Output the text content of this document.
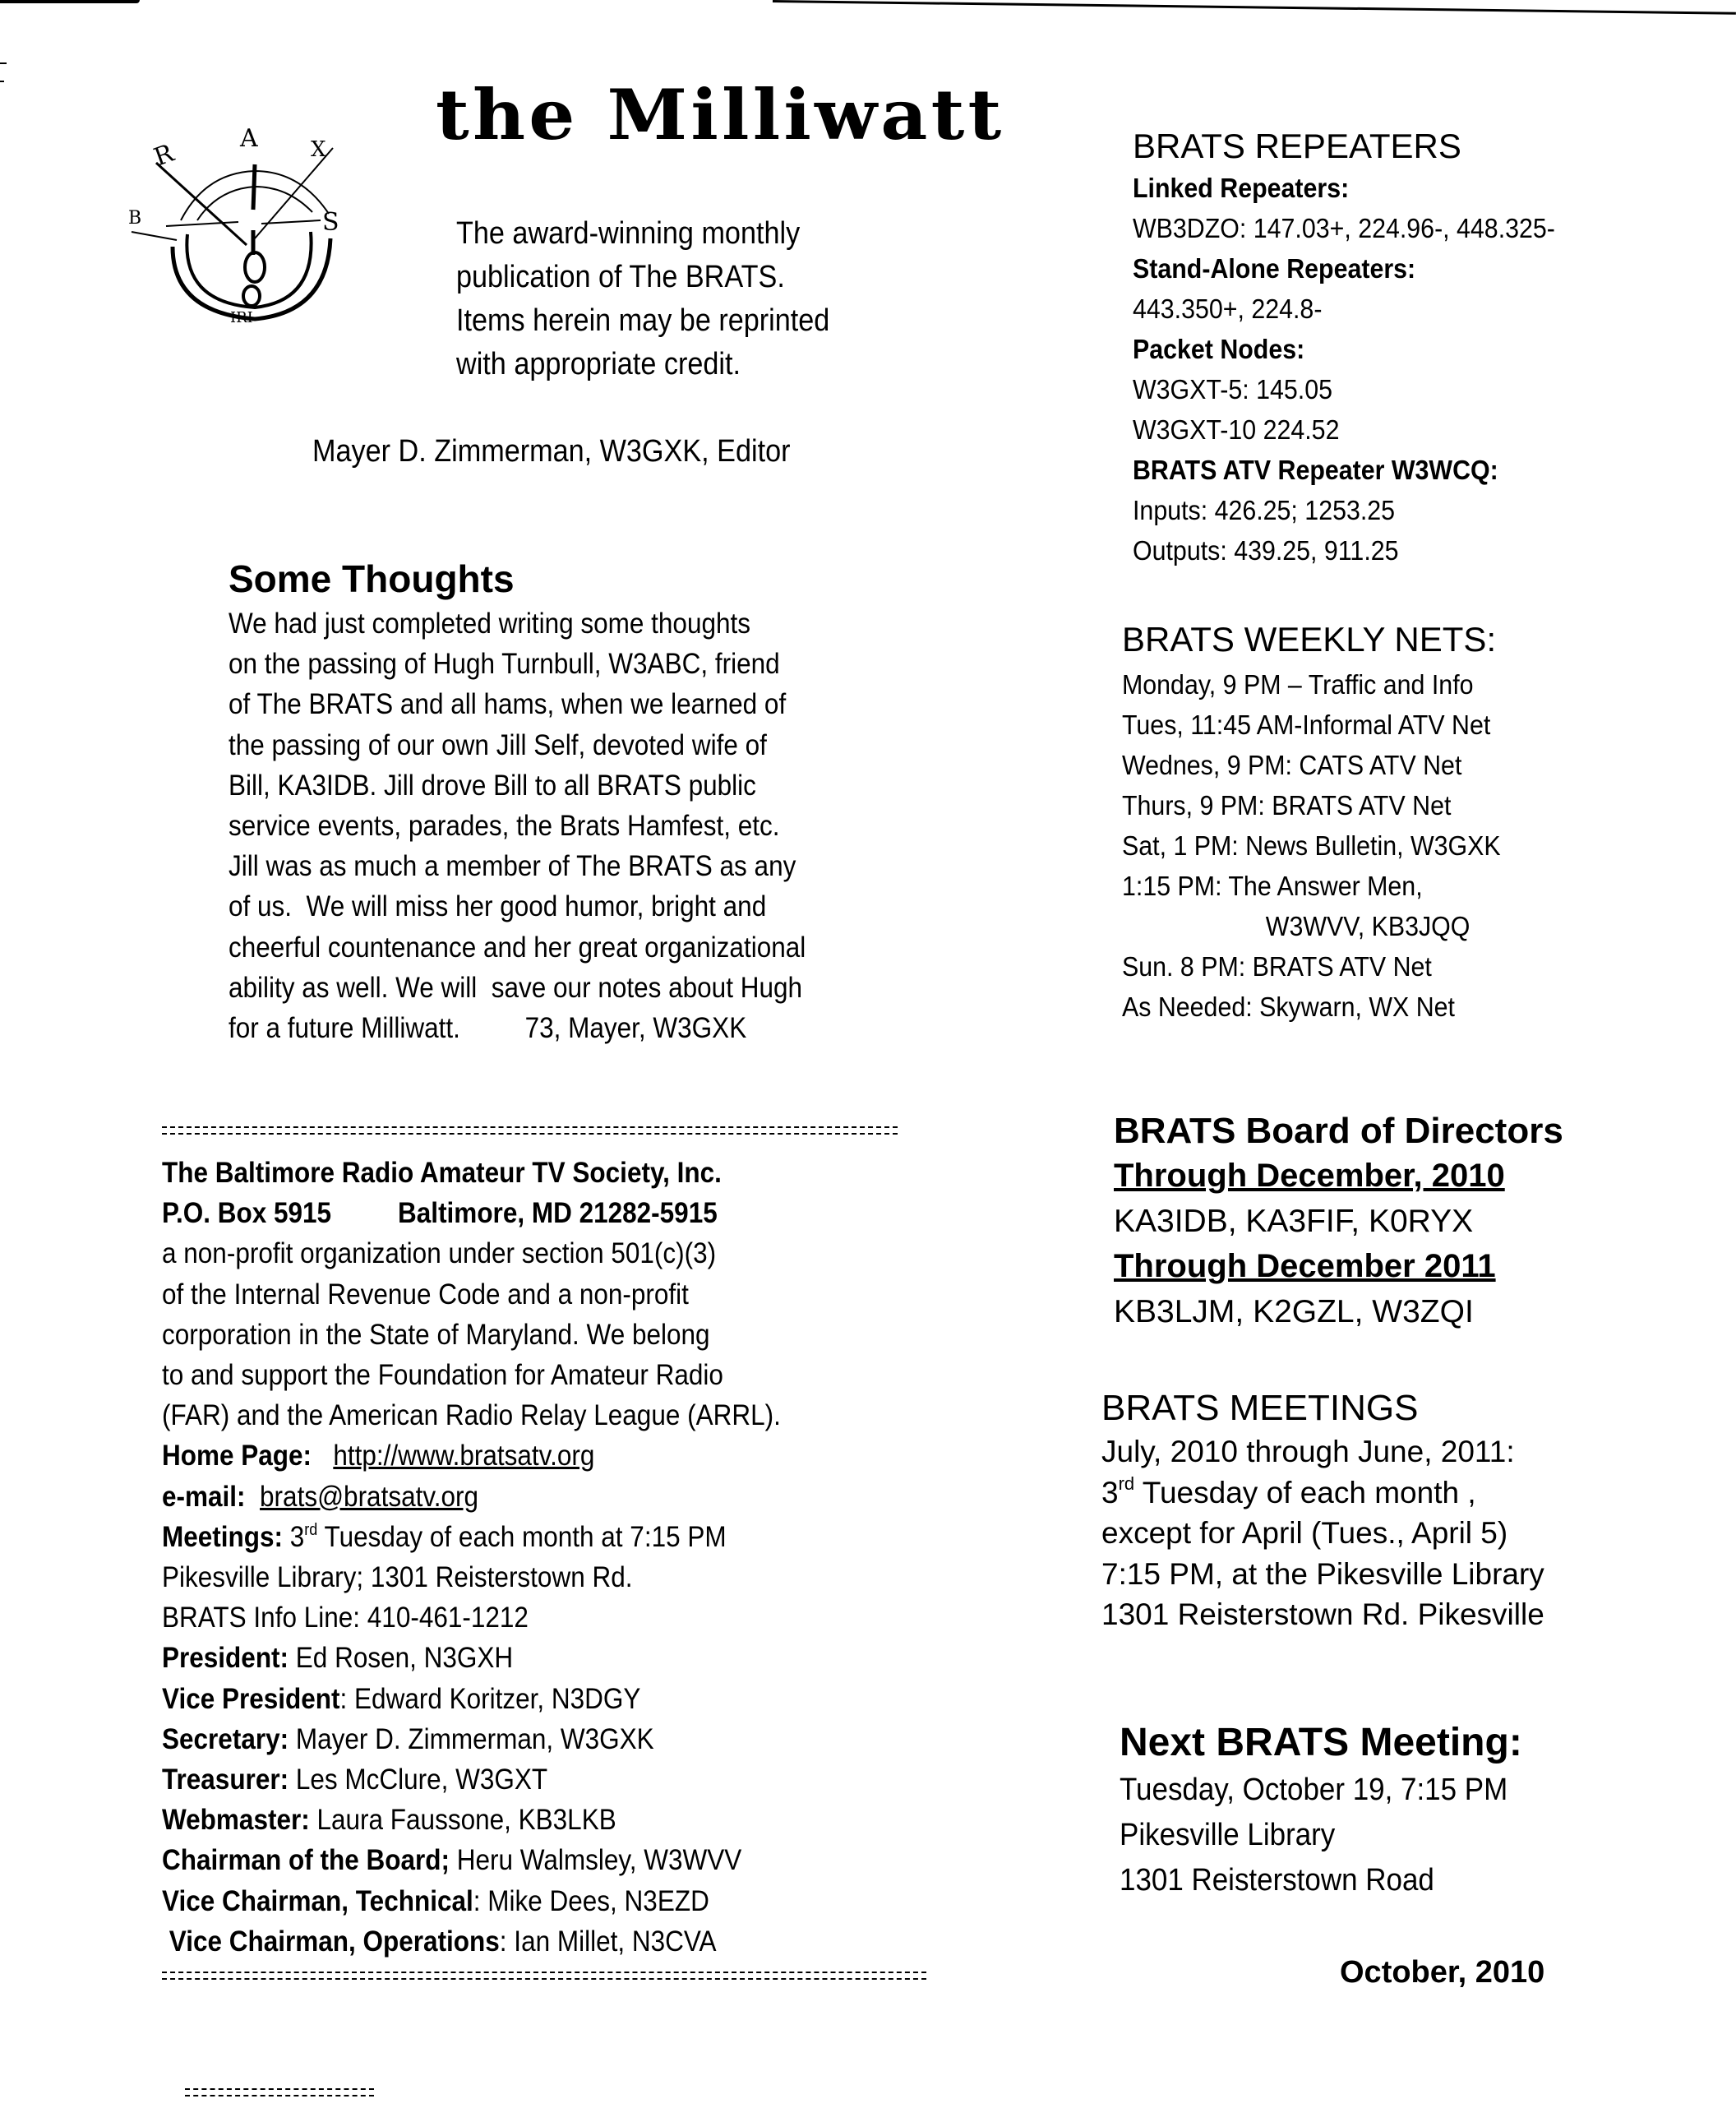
A
R	X
B	S
IRI
the Milliwatt
The award-winning monthly
publication of The BRATS.
Items herein may be reprinted
with appropriate credit.
Mayer D. Zimmerman, W3GXK, Editor
Some Thoughts
We had just completed writing some thoughts
on the passing of Hugh Turnbull, W3ABC, friend
of The BRATS and all hams, when we learned of
the passing of our own Jill Self, devoted wife of
Bill, KA3IDB. Jill drove Bill to all BRATS public
service events, parades, the Brats Hamfest, etc.
Jill was as much a member of The BRATS as any
of us.  We will miss her good humor, bright and
cheerful countenance and her great organizational
ability as well. We will  save our notes about Hugh
for a future Milliwatt.         73, Mayer, W3GXK
The Baltimore Radio Amateur TV Society, Inc.
P.O. Box 5915 Baltimore, MD 21282-5915
a non-profit organization under section 501(c)(3)
of the Internal Revenue Code and a non-profit
corporation in the State of Maryland. We belong
to and support the Foundation for Amateur Radio
(FAR) and the American Radio Relay League (ARRL).
Home Page: http://www.bratsatv.org
e-mail: brats@bratsatv.org
Meetings: 3rd Tuesday of each month at 7:15 PM
Pikesville Library; 1301 Reisterstown Rd.
BRATS Info Line: 410-461-1212
President: Ed Rosen, N3GXH
Vice President: Edward Koritzer, N3DGY
Secretary: Mayer D. Zimmerman, W3GXK
Treasurer: Les McClure, W3GXT
Webmaster: Laura Faussone, KB3LKB
Chairman of the Board; Heru Walmsley, W3WVV
Vice Chairman, Technical: Mike Dees, N3EZD
Vice Chairman, Operations: Ian Millet, N3CVA
BRATS REPEATERS
Linked Repeaters:
WB3DZO: 147.03+, 224.96-, 448.325-
Stand-Alone Repeaters:
443.350+, 224.8-
Packet Nodes:
W3GXT-5: 145.05
W3GXT-10 224.52
BRATS ATV Repeater W3WCQ:
Inputs: 426.25; 1253.25
Outputs: 439.25, 911.25
BRATS WEEKLY NETS:
Monday, 9 PM – Traffic and Info
Tues, 11:45 AM-Informal ATV Net
Wednes, 9 PM: CATS ATV Net
Thurs, 9 PM: BRATS ATV Net
Sat, 1 PM: News Bulletin, W3GXK
1:15 PM: The Answer Men,
W3WVV, KB3JQQ
Sun. 8 PM: BRATS ATV Net
As Needed: Skywarn, WX Net
BRATS Board of Directors
Through December, 2010
KA3IDB, KA3FIF, K0RYX
Through December 2011
KB3LJM, K2GZL, W3ZQI
BRATS MEETINGS
July, 2010 through June, 2011:
3rd Tuesday of each month ,
except for April (Tues., April 5)
7:15 PM, at the Pikesville Library
1301 Reisterstown Rd. Pikesville
Next BRATS Meeting:
Tuesday, October 19, 7:15 PM
Pikesville Library
1301 Reisterstown Road
October, 2010
